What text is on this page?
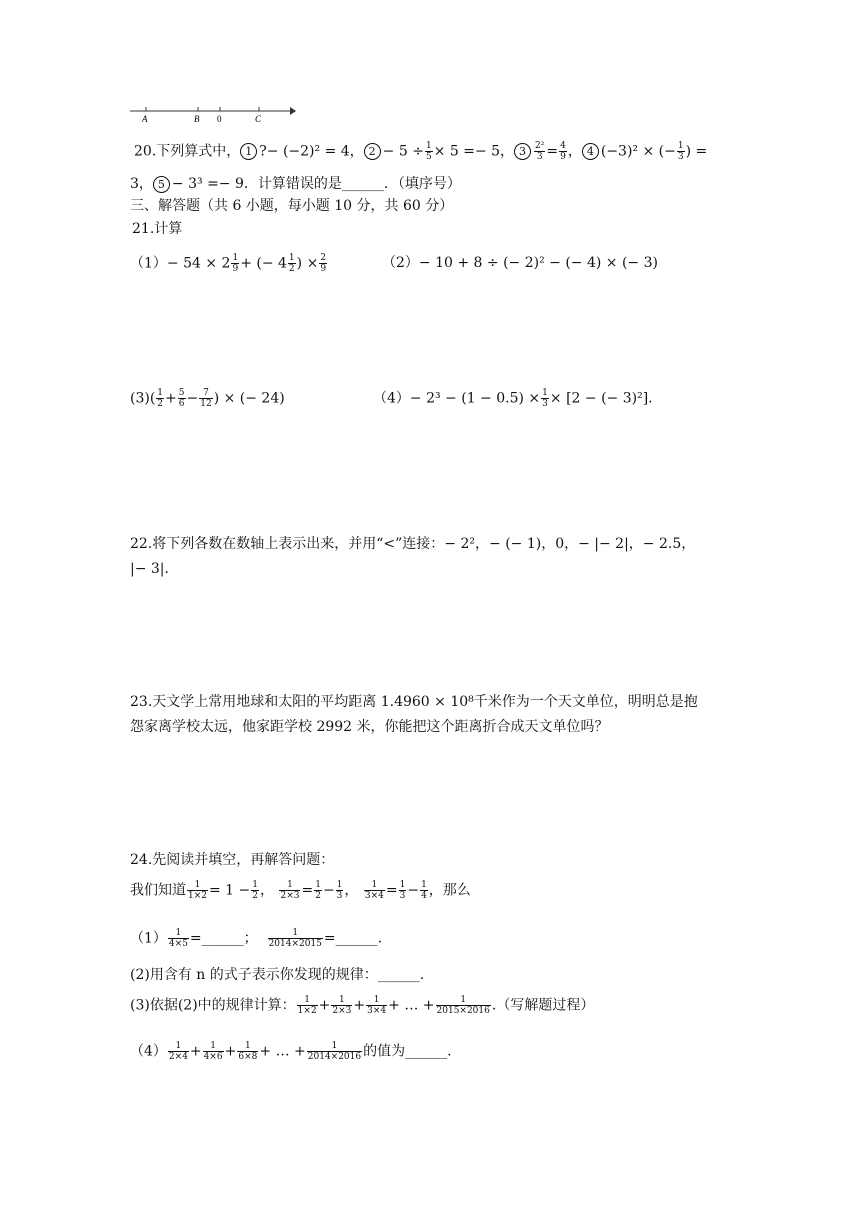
A	B 0	C
20.下列算式中， 1 ?− (−2)² = 4， $2 - 5 \div \frac{1}{5} \times 5 =- 5$， $3 \frac{\text{2²}}{3} = \frac{4}{9}$ ， 4 (−3)² × (− $\frac{1}{3}$ ) =
3， 5 − 3³ =− 9．计算错误的是______．（填序号）
三、解答题（共 6 小题，每小题 10 分，共 60 分）
21.计算
$(1)- 54 \times 2 \frac{1}{9}$ + (− $4 \frac{1}{2}$ ) × $\frac{2}{9}$	（2）− 10 + 8 ÷ (− 2)² − (− 4) × (− 3)
$(3)( \frac{1}{2} + \frac{5}{6} - \frac{7}{12}$ ) × (− 24)	$(4)- 2^3 - (1 - 0.5) \times \frac{1}{3} \times [2$ − (− 3)²].
22.将下列各数在数轴上表示出来，并用“<”连接：− 2²，− (− 1)，0，− |− 2|，− 2.5，
|− 3|.
23.天文学上常用地球和太阳的平均距离 1.4960 × 10⁸千米作为一个天文单位，明明总是抱
怨家离学校太远，他家距学校 2992 米，你能把这个距离折合成天文单位吗？
24.先阅读并填空，再解答问题：
我们知道 $\frac{1}{1\times 2} = 1 - \frac{1}{2}$ ， $\frac{1}{2\times 3} = \frac{1}{2} - \frac{1}{3}$ ， $\frac{1}{3\times 4} = \frac{1}{3} - \frac{1}{4}$ ，那么
$(1) \frac{1}{4\times 5}$ =______； $\frac{1}{2014\times 2015}$ =______.
(2)用含有 n 的式子表示你发现的规律：______.
(3)依据(2)中的规律计算： $\frac{1}{1\times 2} + \frac{1}{2\times 3} + \frac{1}{3\times 4}$ + … + $\frac{1}{2015\times 2016}$ .（写解题过程）
$(4) \frac{1}{2\times 4} + \frac{1}{4\times 6} + \frac{1}{6\times 8}$ + … + $\frac{1}{2014\times 2016}$ 的值为______.
